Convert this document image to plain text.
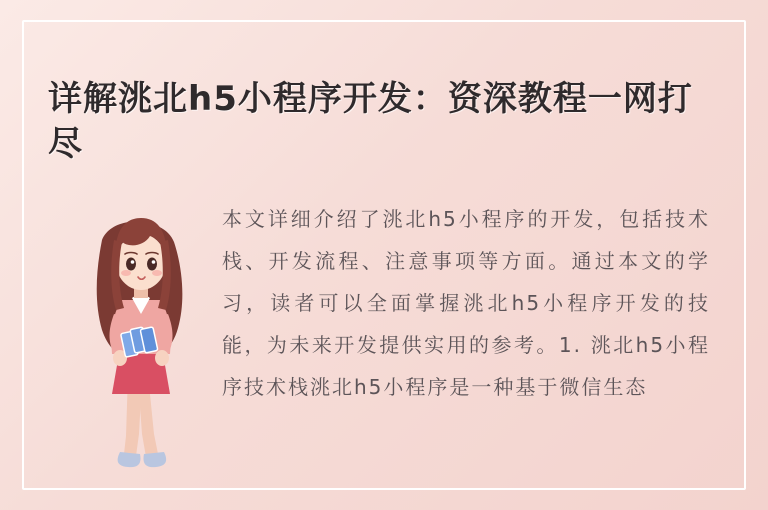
详解洮北h5小程序开发：资深教程一网打尽

本文详细介绍了洮北h5小程序的开发，包括技术栈、开发流程、注意事项等方面。通过本文的学习，读者可以全面掌握洮北h5小程序开发的技能，为未来开发提供实用的参考。1. 洮北h5小程序技术栈洮北h5小程序是一种基于微信生态
